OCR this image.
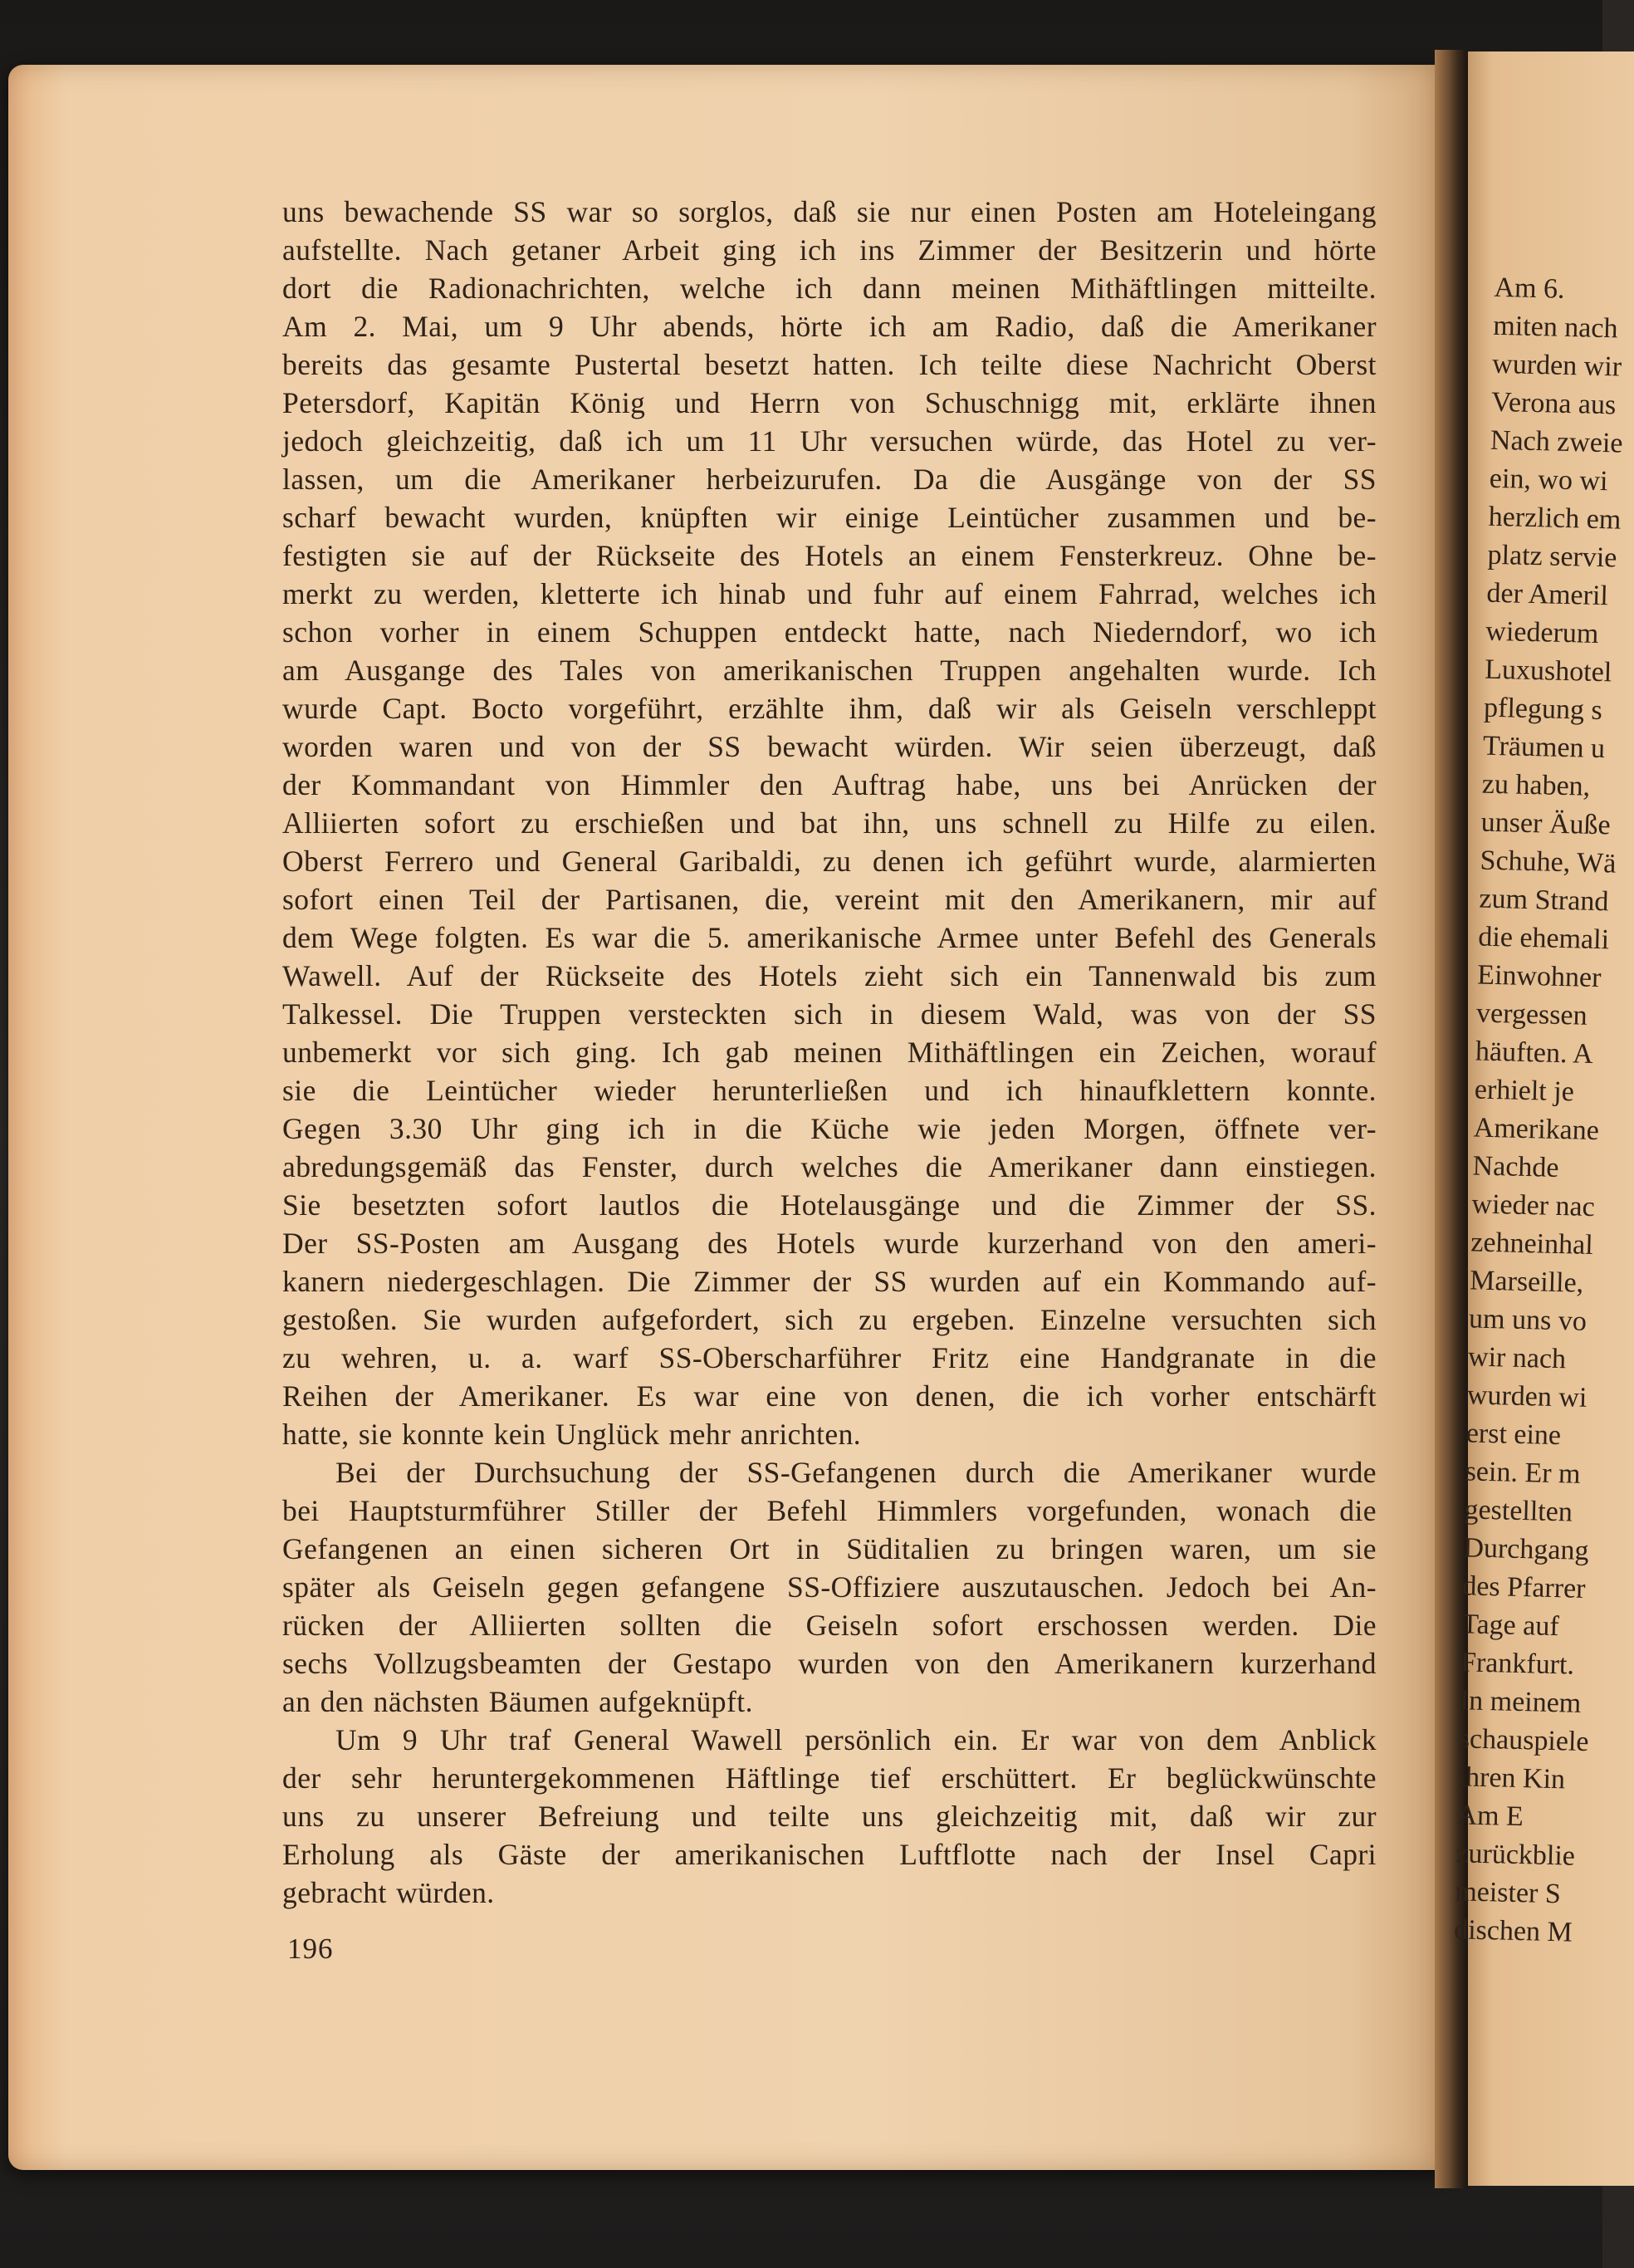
Am 6.
miten nach
wurden wir
Verona aus
Nach zweie
ein, wo wi
herzlich em
platz servie
der Ameril
wiederum
Luxushotel
pflegung s
Träumen u
zu haben,
unser Äuße
Schuhe, Wä
zum Strand
die ehemali
Einwohner
vergessen
häuften. A
erhielt je
Amerikane
Nachde
wieder nac
zehneinhal
Marseille,
um uns vo
wir nach
wurden wi
erst eine
sein. Er m
gestellten
Durchgang
des Pfarrer
Tage auf
Frankfurt.
In meinem
schauspiele
ihren Kin
Am E
zurückblie
meister S
dischen M
uns bewachende SS war so sorglos, daß sie nur einen Posten am Hoteleingang
aufstellte. Nach getaner Arbeit ging ich ins Zimmer der Besitzerin und hörte
dort die Radionachrichten, welche ich dann meinen Mithäftlingen mitteilte.
Am 2. Mai, um 9 Uhr abends, hörte ich am Radio, daß die Amerikaner
bereits das gesamte Pustertal besetzt hatten. Ich teilte diese Nachricht Oberst
Petersdorf, Kapitän König und Herrn von Schuschnigg mit, erklärte ihnen
jedoch gleichzeitig, daß ich um 11 Uhr versuchen würde, das Hotel zu ver-
lassen, um die Amerikaner herbeizurufen. Da die Ausgänge von der SS
scharf bewacht wurden, knüpften wir einige Leintücher zusammen und be-
festigten sie auf der Rückseite des Hotels an einem Fensterkreuz. Ohne be-
merkt zu werden, kletterte ich hinab und fuhr auf einem Fahrrad, welches ich
schon vorher in einem Schuppen entdeckt hatte, nach Niederndorf, wo ich
am Ausgange des Tales von amerikanischen Truppen angehalten wurde. Ich
wurde Capt. Bocto vorgeführt, erzählte ihm, daß wir als Geiseln verschleppt
worden waren und von der SS bewacht würden. Wir seien überzeugt, daß
der Kommandant von Himmler den Auftrag habe, uns bei Anrücken der
Alliierten sofort zu erschießen und bat ihn, uns schnell zu Hilfe zu eilen.
Oberst Ferrero und General Garibaldi, zu denen ich geführt wurde, alarmierten
sofort einen Teil der Partisanen, die, vereint mit den Amerikanern, mir auf
dem Wege folgten. Es war die 5. amerikanische Armee unter Befehl des Generals
Wawell. Auf der Rückseite des Hotels zieht sich ein Tannenwald bis zum
Talkessel. Die Truppen versteckten sich in diesem Wald, was von der SS
unbemerkt vor sich ging. Ich gab meinen Mithäftlingen ein Zeichen, worauf
sie die Leintücher wieder herunterließen und ich hinaufklettern konnte.
Gegen 3.30 Uhr ging ich in die Küche wie jeden Morgen, öffnete ver-
abredungsgemäß das Fenster, durch welches die Amerikaner dann einstiegen.
Sie besetzten sofort lautlos die Hotelausgänge und die Zimmer der SS.
Der SS-Posten am Ausgang des Hotels wurde kurzerhand von den ameri-
kanern niedergeschlagen. Die Zimmer der SS wurden auf ein Kommando auf-
gestoßen. Sie wurden aufgefordert, sich zu ergeben. Einzelne versuchten sich
zu wehren, u. a. warf SS-Oberscharführer Fritz eine Handgranate in die
Reihen der Amerikaner. Es war eine von denen, die ich vorher entschärft
hatte, sie konnte kein Unglück mehr anrichten.
Bei der Durchsuchung der SS-Gefangenen durch die Amerikaner wurde
bei Hauptsturmführer Stiller der Befehl Himmlers vorgefunden, wonach die
Gefangenen an einen sicheren Ort in Süditalien zu bringen waren, um sie
später als Geiseln gegen gefangene SS-Offiziere auszutauschen. Jedoch bei An-
rücken der Alliierten sollten die Geiseln sofort erschossen werden. Die
sechs Vollzugsbeamten der Gestapo wurden von den Amerikanern kurzerhand
an den nächsten Bäumen aufgeknüpft.
Um 9 Uhr traf General Wawell persönlich ein. Er war von dem Anblick
der sehr heruntergekommenen Häftlinge tief erschüttert. Er beglückwünschte
uns zu unserer Befreiung und teilte uns gleichzeitig mit, daß wir zur
Erholung als Gäste der amerikanischen Luftflotte nach der Insel Capri
gebracht würden.
196
